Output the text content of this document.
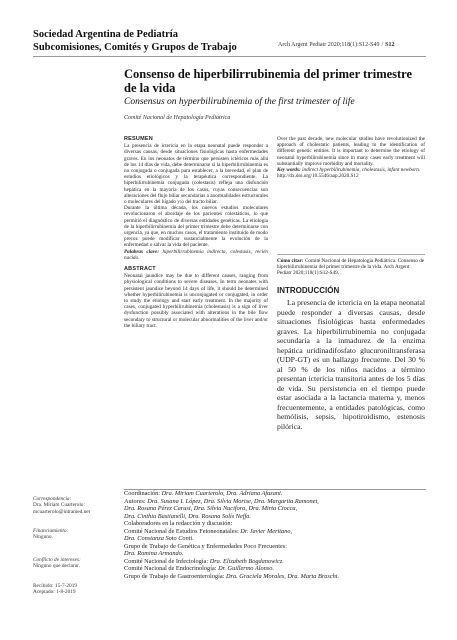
Sociedad Argentina de Pediatría
Subcomisiones, Comités y Grupos de Trabajo	Arch Argent Pediatr 2020;118(1):S12-S49 / S12
Consenso de hiperbilirrubinemia del primer trimestre de la vida
Consensus on hyperbilirubinemia of the first trimester of life
Comité Nacional de Hepatología Pediátrica
RESUMEN

La presencia de ictericia en la etapa neonatal puede responder a diversas causas, desde situaciones fisiológicas hasta enfermedades graves. En los neonatos de término que persisten ictéricos más allá de los 14 días de vida, debe determinarse si la hiperbilirrubinemia es no conjugada o conjugada para establecer, a la brevedad, el plan de estudios etiológicos y la terapéutica correspondiente. La hiperbilirrubinemia conjugada (colestasis) refleja una disfunción hepática en la mayoría de los casos, cuyas consecuencias son alteraciones del flujo biliar secundarias a anormalidades estructurales o moleculares del hígado y/o del tracto biliar.

Durante la última década, los nuevos estudios moleculares revolucionaron el abordaje de los pacientes colestáticos, lo que permitió el diagnóstico de diversas entidades genéticas. La etiología de la hiperbilirrubinemia del primer trimestre debe determinarse con urgencia, ya que, en muchos casos, el tratamiento instituido de modo precoz puede modificar sustancialmente la evolución de la enfermedad o salvar la vida del paciente.

Palabras clave: hiperbilirrubinemia indirecta, colestasis, recién nacido.

ABSTRACT

Neonatal jaundice may be due to different causes, ranging from physiological conditions to severe diseases. In term neonates with persistent jaundice beyond 14 days of life, it should be determined whether hyperbilirubinemia is unconjugated or conjugated, in order to study the etiology and start early treatment. In the majority of cases, conjugated hyperbilirubinemia (cholestasis) is a sign of liver dysfunction possibly associated with alterations in the bile flow secondary to structural or molecular abnormalities of the liver and/or the biliary tract.

Over the past decade, new molecular studies have revolutionized the approach of cholestatic patients, leading to the identification of different genetic entities. It is important to determine the etiology of neonatal hyperbilirubinemia since in many cases early treatment will substantially improve morbidity and mortality.

Key words: indirect hyperbilirubinemia, cholestasis, infant newborn.

http://dx.doi.org/10.5546/aap.2020.S12

Cómo citar: Comité Nacional de Hepatología Pediátrica. Consenso de hiperbilirrubinemia del primer trimestre de la vida. Arch Argent Pediatr 2020;118(1):S12-S49.
INTRODUCCIÓN
La presencia de ictericia en la etapa neonatal puede responder a diversas causas, desde situaciones fisiológicas hasta enfermedades graves. La hiperbilirrubinemia no conjugada secundaria a la inmadurez de la enzima hepática uridinadifosfato glucuroniltransferasa (UDP-GT) es un hallazgo frecuente. Del 30 % al 50 % de los niños nacidos a término presentan ictericia transitoria antes de los 5 días de vida. Su persistencia en el tiempo puede estar asociada a la lactancia materna y, menos frecuentemente, a entidades patológicas, como hemólisis, sepsis, hipotiroidismo, estenosis pilórica.
Correspondencia:
Dra. Miriam Cuarterolo:
mcuarterolo@intramed.net
Financiamiento:
Ninguno.
Conflicto de intereses:
Ninguno que declarar.
Recibido: 15-7-2019
Aceptado: 1-8-2019
Coordinación: Dra. Miriam Cuarterolo, Dra. Adriana Afazani.
Autores: Dra. Susana I. López, Dra. Silvia Morise, Dra. Margarita Ramonet,
Dra. Rosana Pérez Carusi, Dra. Silvia Nucifora, Dra. Mirta Ciocca,
Dra. Cinthia Bastianelli, Dra. Rosana Solís Neffa.
Colaboradores en la redacción y discusión:
Comité Nacional de Estudios Fetoneonatales: Dr. Javier Meritano,
Dra. Constanza Soto Conti.
Grupo de Trabajo de Genética y Enfermedades Poco Frecuentes:
Dra. Romina Armando.
Comité Nacional de Infectología: Dra. Elizabeth Bogdanowicz.
Comité Nacional de Endocrinología: Dr. Guillermo Alonso.
Grupo de Trabajo de Gastroenterología: Dra. Graciela Morales, Dra. Marta Braschi.
